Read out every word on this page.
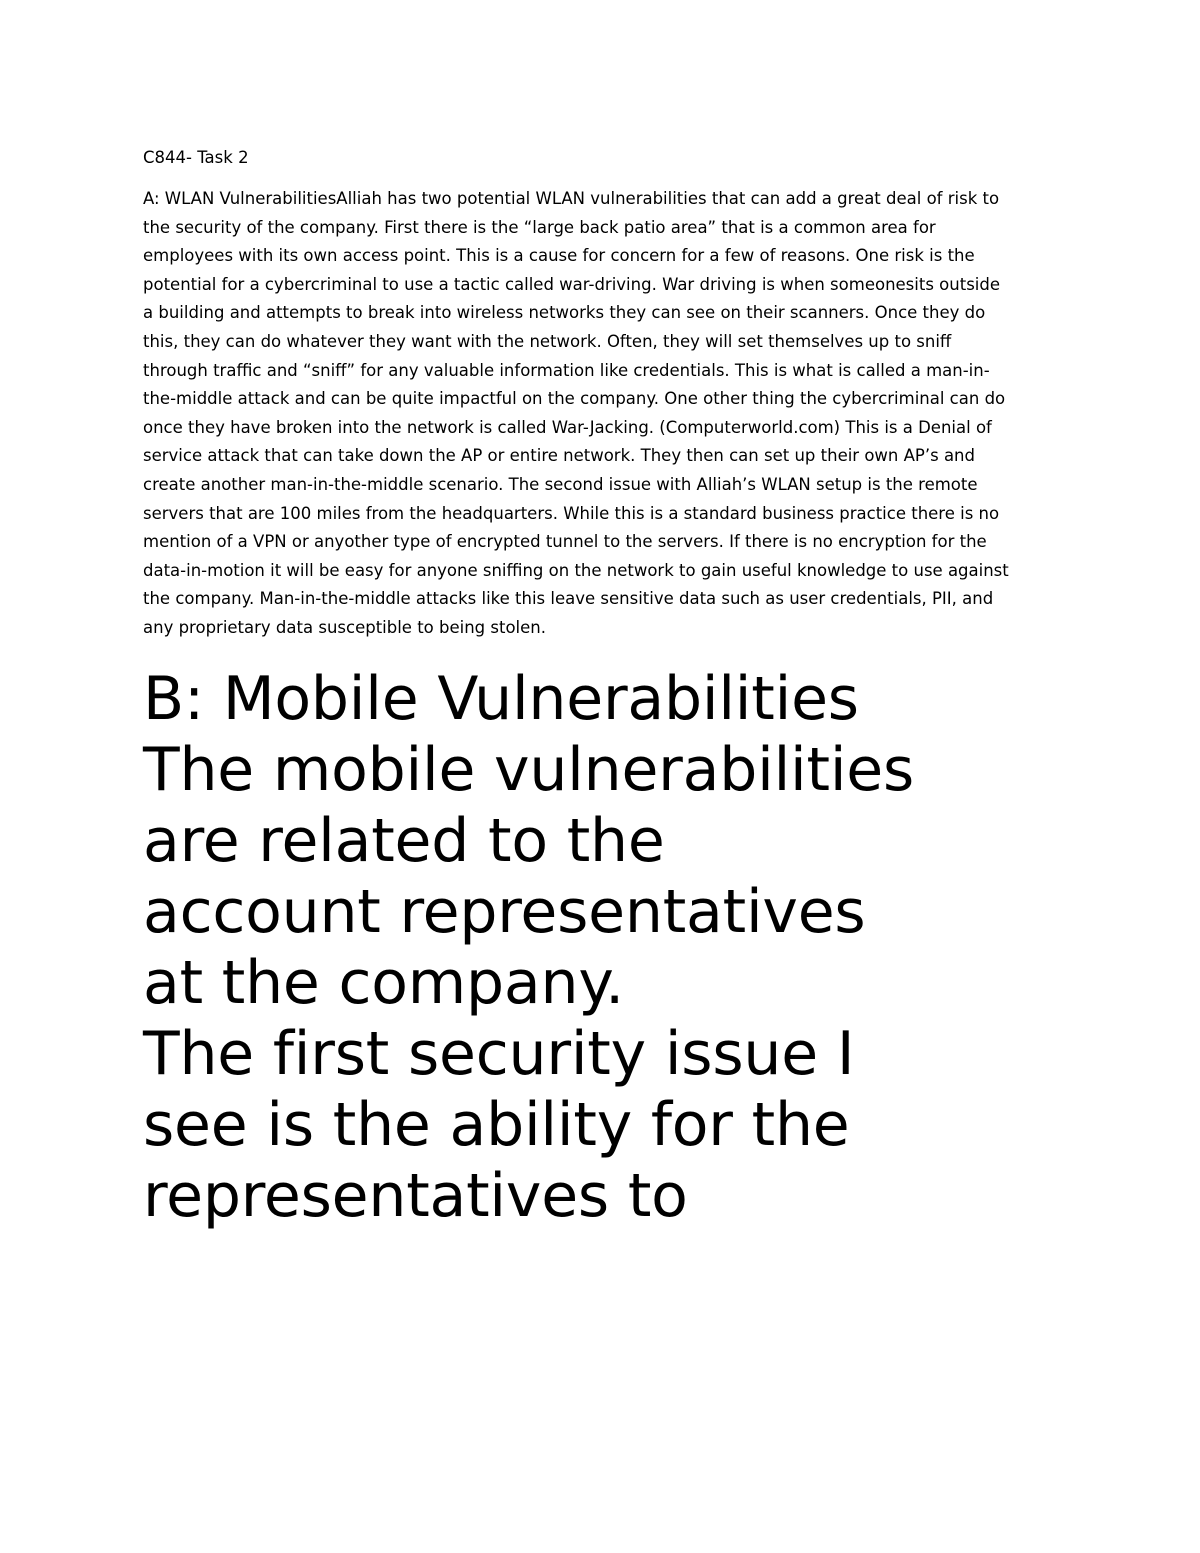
C844- Task 2

A: WLAN VulnerabilitiesAlliah has two potential WLAN vulnerabilities that can add a great deal of risk to
the security of the company. First there is the “large back patio area” that is a common area for
employees with its own access point. This is a cause for concern for a few of reasons. One risk is the
potential for a cybercriminal to use a tactic called war-driving. War driving is when someonesits outside
a building and attempts to break into wireless networks they can see on their scanners. Once they do
this, they can do whatever they want with the network. Often, they will set themselves up to sniff
through traffic and “sniff” for any valuable information like credentials. This is what is called a man-in-
the-middle attack and can be quite impactful on the company. One other thing the cybercriminal can do
once they have broken into the network is called War-Jacking. (Computerworld.com) This is a Denial of
service attack that can take down the AP or entire network. They then can set up their own AP’s and
create another man-in-the-middle scenario. The second issue with Alliah’s WLAN setup is the remote
servers that are 100 miles from the headquarters. While this is a standard business practice there is no
mention of a VPN or anyother type of encrypted tunnel to the servers. If there is no encryption for the
data-in-motion it will be easy for anyone sniffing on the network to gain useful knowledge to use against
the company. Man-in-the-middle attacks like this leave sensitive data such as user credentials, PII, and
any proprietary data susceptible to being stolen.

B: Mobile Vulnerabilities
The mobile vulnerabilities
are related to the
account representatives
at the company.
The first security issue I
see is the ability for the
representatives to
